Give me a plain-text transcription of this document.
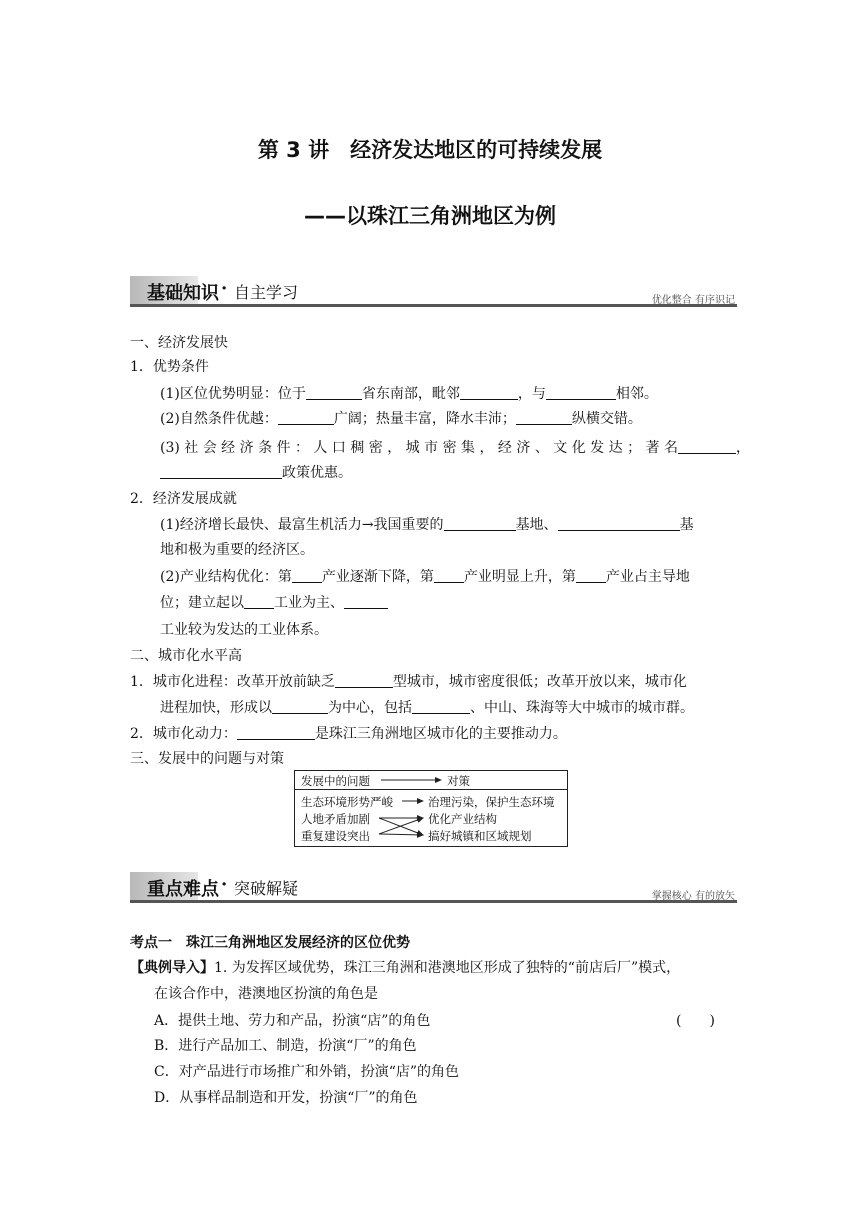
第 3 讲　经济发达地区的可持续发展
——以珠江三角洲地区为例
基础知识 · 自主学习	优化整合 有序识记
一、经济发展快
1．优势条件
(1)区位优势明显：位于	省东南部，毗邻	，与	相邻。
(2)自然条件优越：	广阔；热量丰富，降水丰沛；	纵横交错。
(3) 社 会 经 济 条 件 ： 人 口 稠 密 ， 城 市 密 集 ， 经 济 、 文 化 发 达 ； 著 名	，
政策优惠。
2．经济发展成就
(1)经济增长最快、最富生机活力→我国重要的	基地、	基
地和极为重要的经济区。
(2)产业结构优化：第 产业逐渐下降，第 产业明显上升，第 产业占主导地
位；建立起以 工业为主、
工业较为发达的工业体系。
二、城市化水平高
1．城市化进程：改革开放前缺乏	型城市，城市密度很低；改革开放以来，城市化
进程加快，形成以	为中心，包括	、中山、珠海等大中城市的城市群。
2．城市化动力：	是珠江三角洲地区城市化的主要推动力。
三、发展中的问题与对策
发展中的问题	对策
生态环境形势严峻
人地矛盾加剧
重复建设突出
治理污染，保护生态环境
优化产业结构
搞好城镇和区域规划
重点难点 · 突破解疑	掌握核心 有的放矢
考点一　珠江三角洲地区发展经济的区位优势
【典例导入】1. 为发挥区域优势，珠江三角洲和港澳地区形成了独特的“前店后厂”模式，
在该合作中，港澳地区扮演的角色是
A．提供土地、劳力和产品，扮演“店”的角色	(　　)
B．进行产品加工、制造，扮演“厂”的角色
C．对产品进行市场推广和外销，扮演“店”的角色
D．从事样品制造和开发，扮演“厂”的角色
